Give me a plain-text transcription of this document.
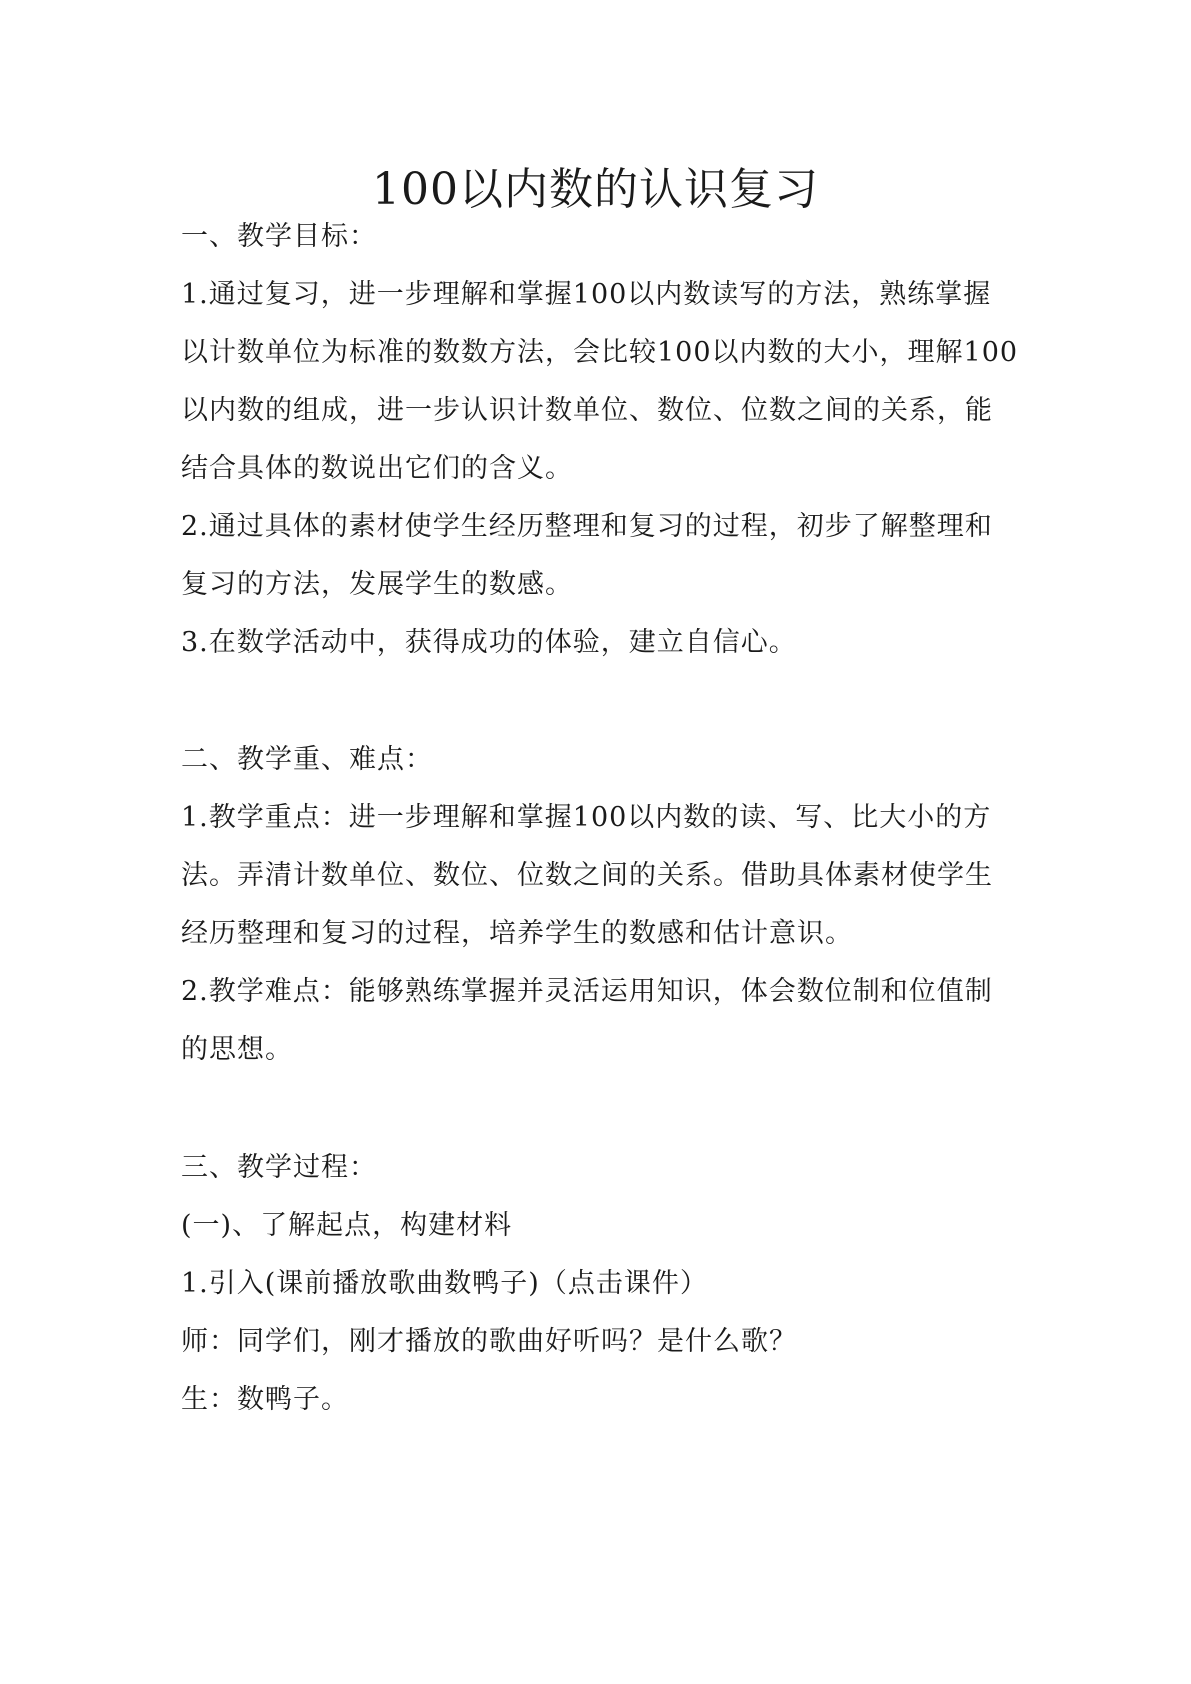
100以内数的认识复习
一、教学目标：
1.通过复习，进一步理解和掌握100以内数读写的方法，熟练掌握
以计数单位为标准的数数方法，会比较100以内数的大小，理解100
以内数的组成，进一步认识计数单位、数位、位数之间的关系，能
结合具体的数说出它们的含义。
2.通过具体的素材使学生经历整理和复习的过程，初步了解整理和
复习的方法，发展学生的数感。
3.在数学活动中，获得成功的体验，建立自信心。
二、教学重、难点：
1.教学重点：进一步理解和掌握100以内数的读、写、比大小的方
法。弄清计数单位、数位、位数之间的关系。借助具体素材使学生
经历整理和复习的过程，培养学生的数感和估计意识。
2.教学难点：能够熟练掌握并灵活运用知识，体会数位制和位值制
的思想。
三、教学过程：
(一)、了解起点，构建材料
1.引入(课前播放歌曲数鸭子)（点击课件）
师：同学们，刚才播放的歌曲好听吗？是什么歌？
生：数鸭子。
